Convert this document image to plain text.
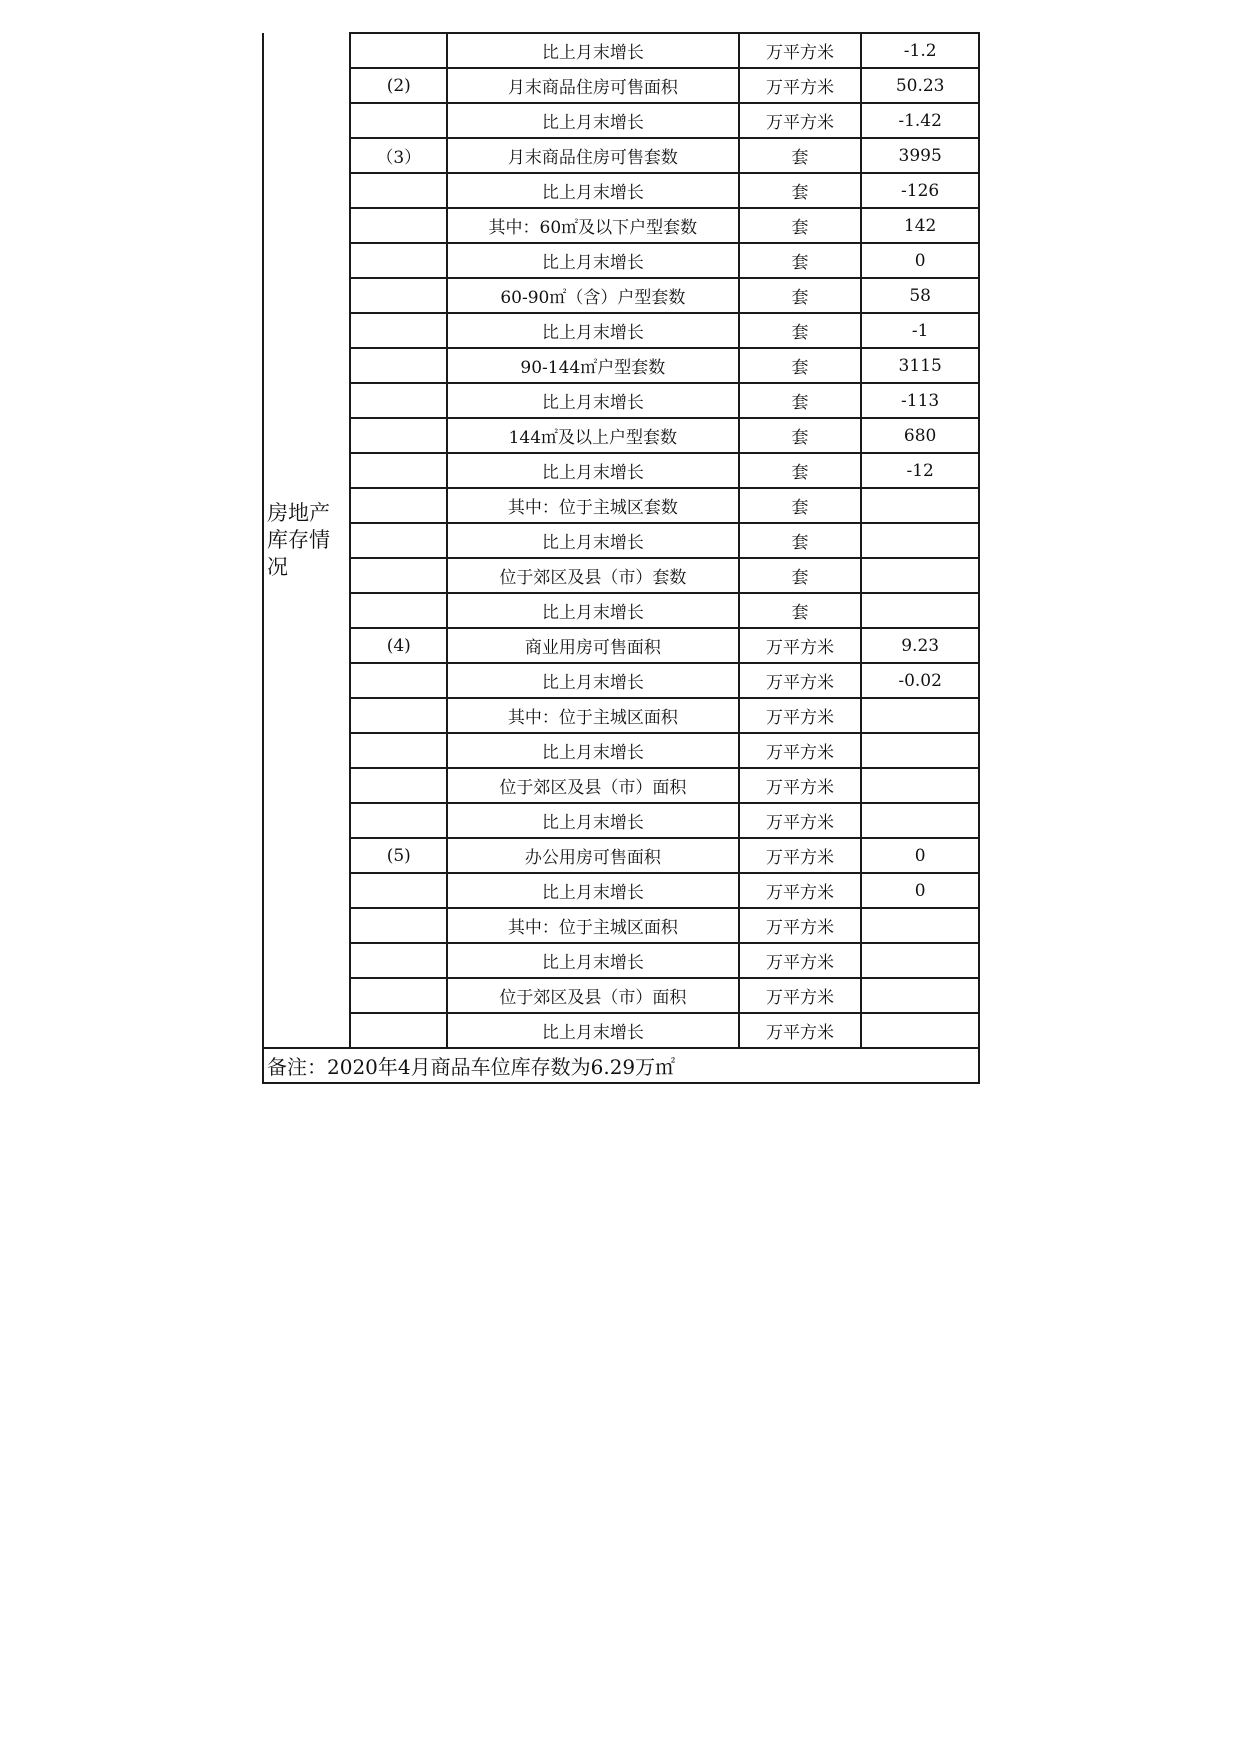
房地产库存情况		比上月末增长	万平方米	-1.2
	(2)	月末商品住房可售面积	万平方米	50.23
		比上月末增长	万平方米	-1.42
	（3）	月末商品住房可售套数	套	3995
		比上月末增长	套	-126
		其中：60㎡及以下户型套数	套	142
		比上月末增长	套	0
		60-90㎡（含）户型套数	套	58
		比上月末增长	套	-1
		90-144㎡户型套数	套	3115
		比上月末增长	套	-113
		144㎡及以上户型套数	套	680
		比上月末增长	套	-12
		其中：位于主城区套数	套	
		比上月末增长	套	
		位于郊区及县（市）套数	套	
		比上月末增长	套	
	(4)	商业用房可售面积	万平方米	9.23
		比上月末增长	万平方米	-0.02
		其中：位于主城区面积	万平方米	
		比上月末增长	万平方米	
		位于郊区及县（市）面积	万平方米	
		比上月末增长	万平方米	
	(5)	办公用房可售面积	万平方米	0
		比上月末增长	万平方米	0
		其中：位于主城区面积	万平方米	
		比上月末增长	万平方米	
		位于郊区及县（市）面积	万平方米	
		比上月末增长	万平方米	
备注：2020年4月商品车位库存数为6.29万㎡				
